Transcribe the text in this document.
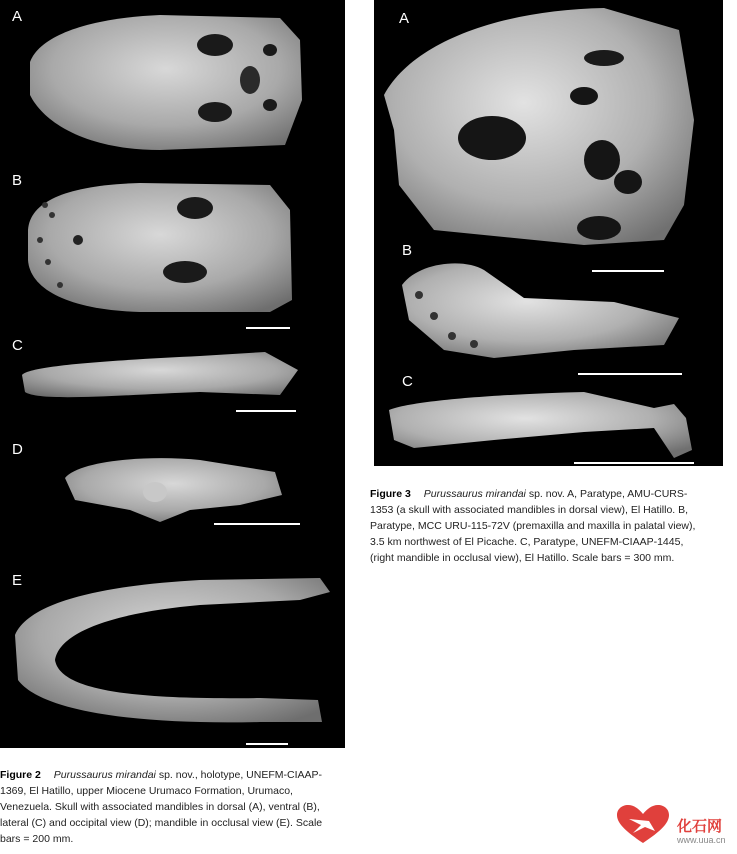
A
B
C
D
E
Figure 2 Purussaurus mirandai sp. nov., holotype, UNEFM-CIAAP-
1369, El Hatillo, upper Miocene Urumaco Formation, Urumaco,
Venezuela. Skull with associated mandibles in dorsal (A), ventral (B),
lateral (C) and occipital view (D); mandible in occlusal view (E). Scale
bars = 200 mm.
A
B
C
Figure 3 Purussaurus mirandai sp. nov. A, Paratype, AMU-CURS-
1353 (a skull with associated mandibles in dorsal view), El Hatillo. B,
Paratype, MCC URU-115-72V (premaxilla and maxilla in palatal view),
3.5 km northwest of El Picache. C, Paratype, UNEFM-CIAAP-1445,
(right mandible in occlusal view), El Hatillo. Scale bars = 300 mm.
化石网
www.uua.cn
